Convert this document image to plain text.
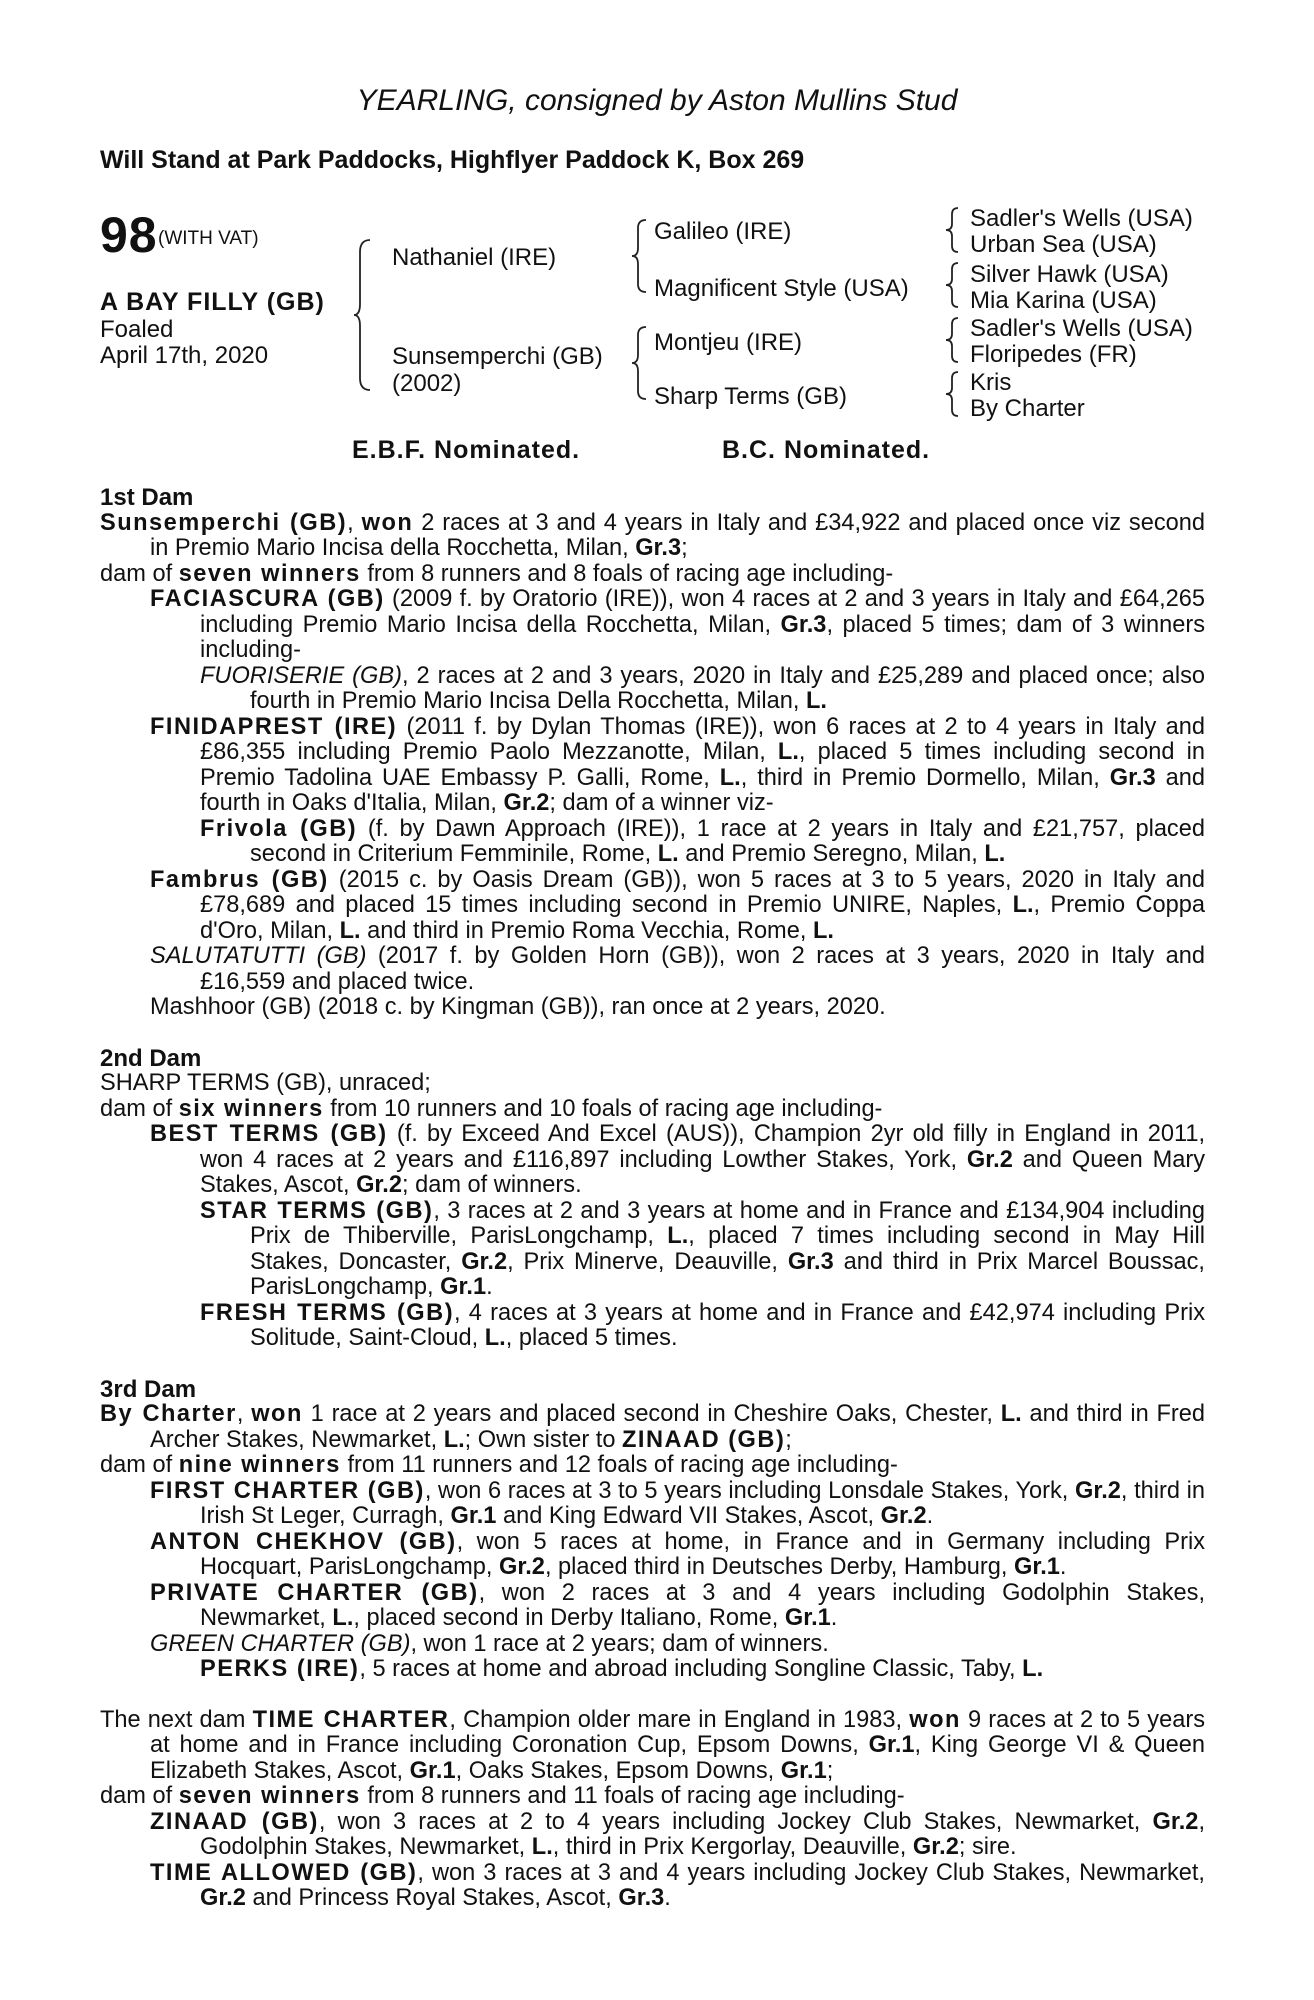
YEARLING, consigned by Aston Mullins Stud
Will Stand at Park Paddocks, Highflyer Paddock K, Box 269
98 (WITH VAT)
A BAY FILLY (GB)
Foaled
April 17th, 2020
Nathaniel (IRE)
Sunsemperchi (GB)
(2002)
Galileo (IRE)
Magnificent Style (USA)
Montjeu (IRE)
Sharp Terms (GB)
Sadler's Wells (USA)
Urban Sea (USA)
Silver Hawk (USA)
Mia Karina (USA)
Sadler's Wells (USA)
Floripedes (FR)
Kris
By Charter
E.B.F. Nominated.	B.C. Nominated.

1st Dam

Sunsemperchi (GB), won 2 races at 3 and 4 years in Italy and £34,922 and placed once viz second in Premio Mario Incisa della Rocchetta, Milan, Gr.3;

dam of seven winners from 8 runners and 8 foals of racing age including-

FACIASCURA (GB) (2009 f. by Oratorio (IRE)), won 4 races at 2 and 3 years in Italy and £64,265 including Premio Mario Incisa della Rocchetta, Milan, Gr.3, placed 5 times; dam of 3 winners including-

FUORISERIE (GB), 2 races at 2 and 3 years, 2020 in Italy and £25,289 and placed once; also fourth in Premio Mario Incisa Della Rocchetta, Milan, L.

FINIDAPREST (IRE) (2011 f. by Dylan Thomas (IRE)), won 6 races at 2 to 4 years in Italy and £86,355 including Premio Paolo Mezzanotte, Milan, L., placed 5 times including second in Premio Tadolina UAE Embassy P. Galli, Rome, L., third in Premio Dormello, Milan, Gr.3 and fourth in Oaks d'Italia, Milan, Gr.2; dam of a winner viz-

Frivola (GB) (f. by Dawn Approach (IRE)), 1 race at 2 years in Italy and £21,757, placed second in Criterium Femminile, Rome, L. and Premio Seregno, Milan, L.

Fambrus (GB) (2015 c. by Oasis Dream (GB)), won 5 races at 3 to 5 years, 2020 in Italy and £78,689 and placed 15 times including second in Premio UNIRE, Naples, L., Premio Coppa d'Oro, Milan, L. and third in Premio Roma Vecchia, Rome, L.

SALUTATUTTI (GB) (2017 f. by Golden Horn (GB)), won 2 races at 3 years, 2020 in Italy and £16,559 and placed twice.

Mashhoor (GB) (2018 c. by Kingman (GB)), ran once at 2 years, 2020.

2nd Dam

SHARP TERMS (GB), unraced;

dam of six winners from 10 runners and 10 foals of racing age including-

BEST TERMS (GB) (f. by Exceed And Excel (AUS)), Champion 2yr old filly in England in 2011, won 4 races at 2 years and £116,897 including Lowther Stakes, York, Gr.2 and Queen Mary Stakes, Ascot, Gr.2; dam of winners.

STAR TERMS (GB), 3 races at 2 and 3 years at home and in France and £134,904 including Prix de Thiberville, ParisLongchamp, L., placed 7 times including second in May Hill Stakes, Doncaster, Gr.2, Prix Minerve, Deauville, Gr.3 and third in Prix Marcel Boussac, ParisLongchamp, Gr.1.

FRESH TERMS (GB), 4 races at 3 years at home and in France and £42,974 including Prix Solitude, Saint-Cloud, L., placed 5 times.

3rd Dam

By Charter, won 1 race at 2 years and placed second in Cheshire Oaks, Chester, L. and third in Fred Archer Stakes, Newmarket, L.; Own sister to ZINAAD (GB);

dam of nine winners from 11 runners and 12 foals of racing age including-

FIRST CHARTER (GB), won 6 races at 3 to 5 years including Lonsdale Stakes, York, Gr.2, third in Irish St Leger, Curragh, Gr.1 and King Edward VII Stakes, Ascot, Gr.2.

ANTON CHEKHOV (GB), won 5 races at home, in France and in Germany including Prix Hocquart, ParisLongchamp, Gr.2, placed third in Deutsches Derby, Hamburg, Gr.1.

PRIVATE CHARTER (GB), won 2 races at 3 and 4 years including Godolphin Stakes, Newmarket, L., placed second in Derby Italiano, Rome, Gr.1.

GREEN CHARTER (GB), won 1 race at 2 years; dam of winners.

PERKS (IRE), 5 races at home and abroad including Songline Classic, Taby, L.

The next dam TIME CHARTER, Champion older mare in England in 1983, won 9 races at 2 to 5 years at home and in France including Coronation Cup, Epsom Downs, Gr.1, King George VI & Queen Elizabeth Stakes, Ascot, Gr.1, Oaks Stakes, Epsom Downs, Gr.1;

dam of seven winners from 8 runners and 11 foals of racing age including-

ZINAAD (GB), won 3 races at 2 to 4 years including Jockey Club Stakes, Newmarket, Gr.2, Godolphin Stakes, Newmarket, L., third in Prix Kergorlay, Deauville, Gr.2; sire.

TIME ALLOWED (GB), won 3 races at 3 and 4 years including Jockey Club Stakes, Newmarket, Gr.2 and Princess Royal Stakes, Ascot, Gr.3.
